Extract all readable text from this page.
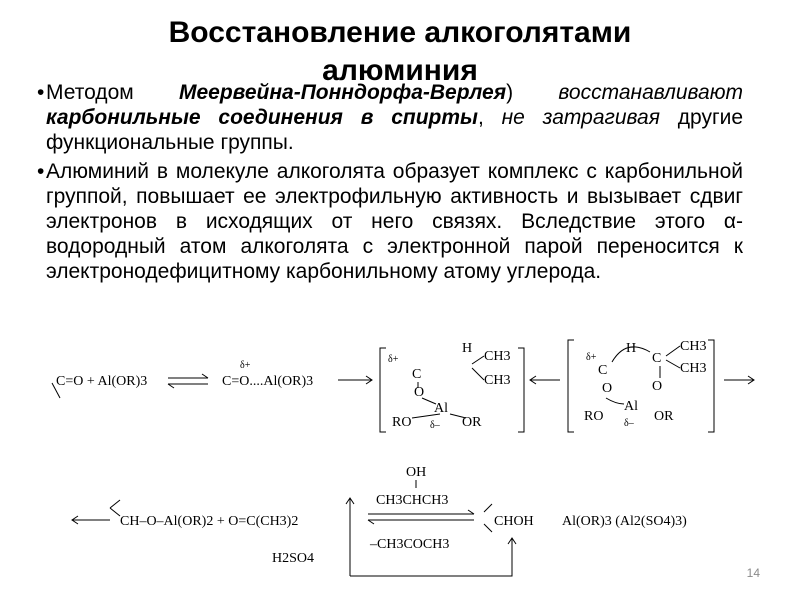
Восстановление алкоголятами
алюминия

• Методом Меервейна-Понндорфа-Верлея) восстанавливают карбонильные соединения в спирты, не затрагивая другие функциональные группы.

• Алюминий в молекуле алкоголята образует комплекс с карбонильной группой, повышает ее электрофильную активность и вызывает сдвиг электронов в исходящих от него связях. Вследствие этого α-водородный атом алкоголята с электронной парой переносится к электронодефицитному карбонильному атому углерода.

C=O + Al(OR)3
δ+
C=O....Al(OR)3
δ+
C
H
CH3
CH3
O
Al
RO	OR
δ–
δ+
C
H	CH3
CH3
C
O	O
Al
RO	OR
δ–
CH–O–Al(OR)2 + O=C(CH3)2
OH
CH3CHCH3
–CH3COCH3
CHOH Al(OR)3 (Al2(SO4)3)
H2SO4
14
